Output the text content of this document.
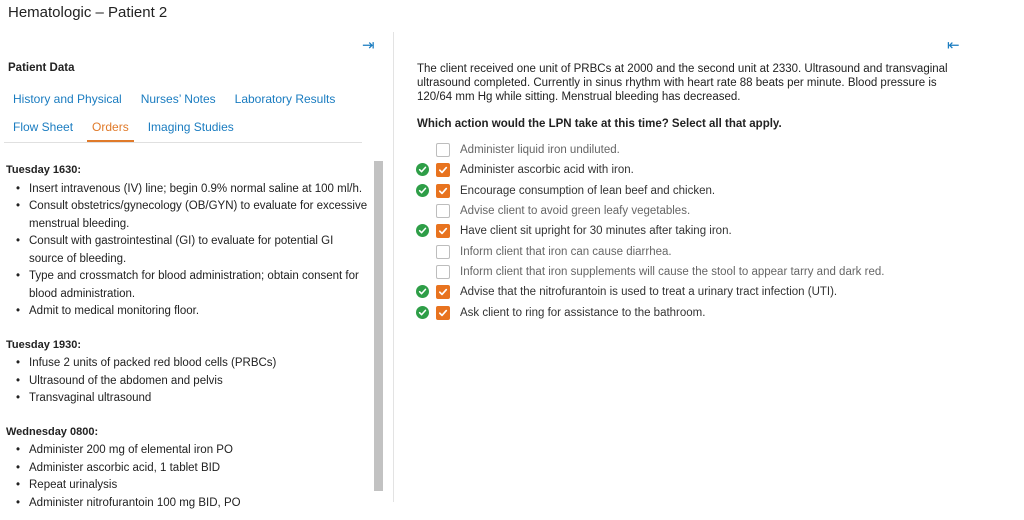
Hematologic – Patient 2
⇥
Patient Data
History and Physical	Nurses’ Notes	Laboratory Results
Flow Sheet	Orders	Imaging Studies
Tuesday 1630:
• Insert intravenous (IV) line; begin 0.9% normal saline at 100 ml/h.
• Consult obstetrics/gynecology (OB/GYN) to evaluate for excessive menstrual bleeding.
• Consult with gastrointestinal (GI) to evaluate for potential GI source of bleeding.
• Type and crossmatch for blood administration; obtain consent for blood administration.
• Admit to medical monitoring floor.
Tuesday 1930:
• Infuse 2 units of packed red blood cells (PRBCs)
• Ultrasound of the abdomen and pelvis
• Transvaginal ultrasound
Wednesday 0800:
• Administer 200 mg of elemental iron PO
• Administer ascorbic acid, 1 tablet BID
• Repeat urinalysis
• Administer nitrofurantoin 100 mg BID, PO
⇤
The client received one unit of PRBCs at 2000 and the second unit at 2330. Ultrasound and transvaginal ultrasound completed. Currently in sinus rhythm with heart rate 88 beats per minute. Blood pressure is 120/64 mm Hg while sitting. Menstrual bleeding has decreased.
Which action would the LPN take at this time? Select all that apply.
Administer liquid iron undiluted.
Administer ascorbic acid with iron.
Encourage consumption of lean beef and chicken.
Advise client to avoid green leafy vegetables.
Have client sit upright for 30 minutes after taking iron.
Inform client that iron can cause diarrhea.
Inform client that iron supplements will cause the stool to appear tarry and dark red.
Advise that the nitrofurantoin is used to treat a urinary tract infection (UTI).
Ask client to ring for assistance to the bathroom.
